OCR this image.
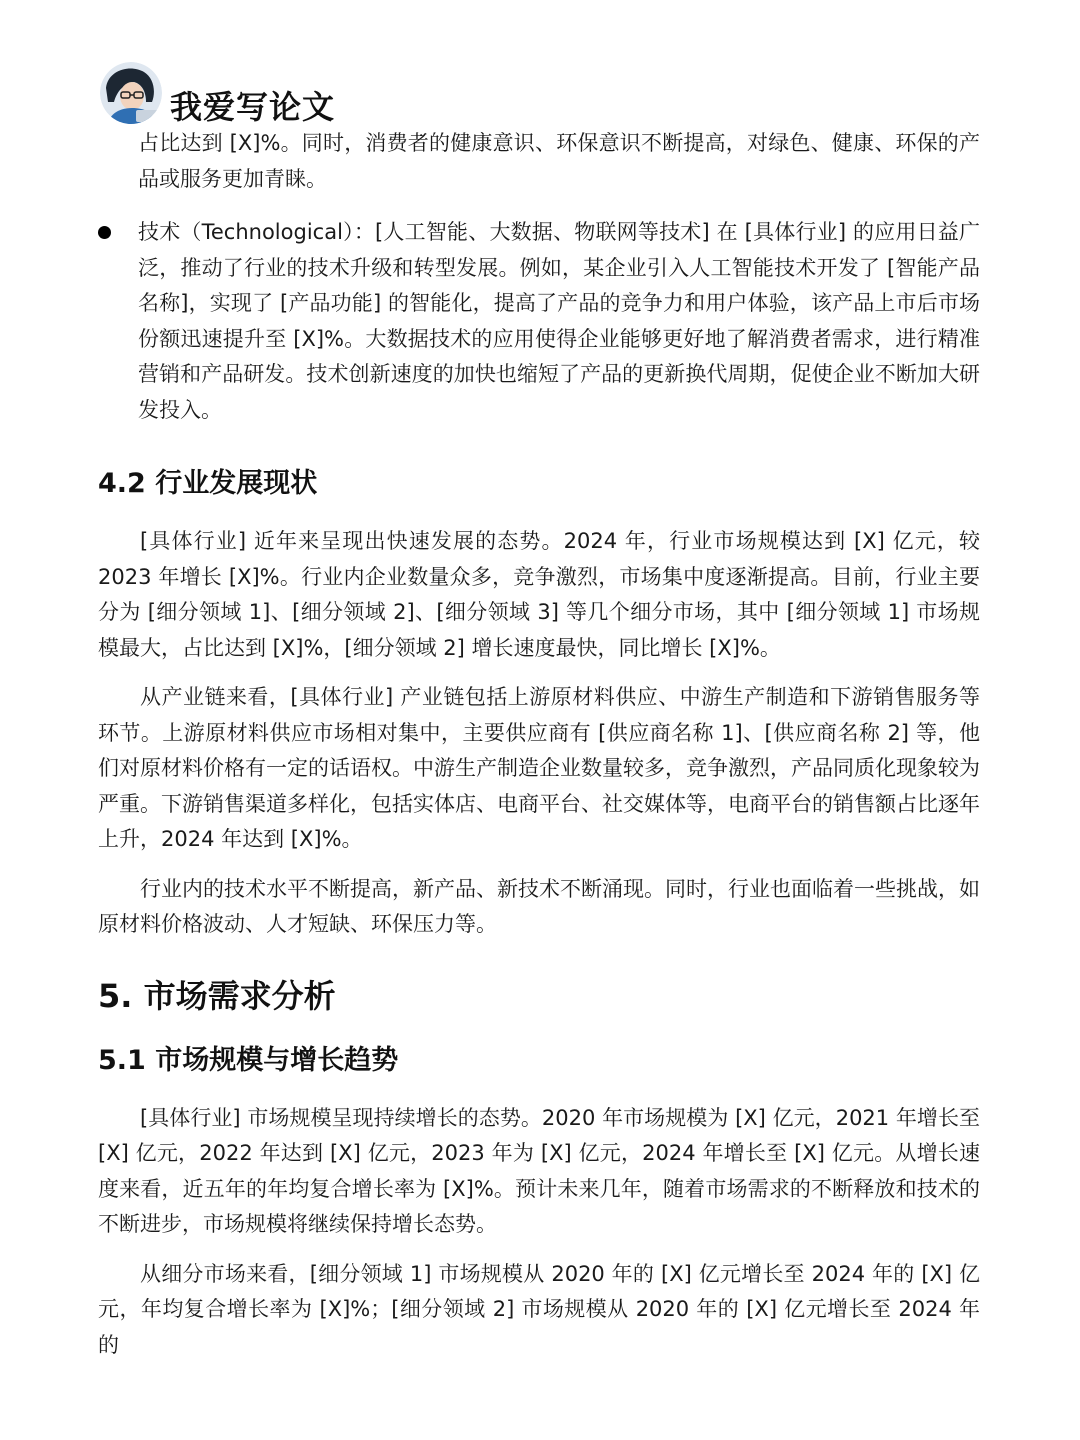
我爱写论文

占比达到 [X]%。同时，消费者的健康意识、环保意识不断提高，对绿色、健康、环保的产品或服务更加青睐。

技术（Technological）：[人工智能、大数据、物联网等技术] 在 [具体行业] 的应用日益广泛，推动了行业的技术升级和转型发展。例如，某企业引入人工智能技术开发了 [智能产品名称]，实现了 [产品功能] 的智能化，提高了产品的竞争力和用户体验，该产品上市后市场份额迅速提升至 [X]%。大数据技术的应用使得企业能够更好地了解消费者需求，进行精准营销和产品研发。技术创新速度的加快也缩短了产品的更新换代周期，促使企业不断加大研发投入。

4.2 行业发展现状

[具体行业] 近年来呈现出快速发展的态势。2024 年，行业市场规模达到 [X] 亿元，较 2023 年增长 [X]%。行业内企业数量众多，竞争激烈，市场集中度逐渐提高。目前，行业主要分为 [细分领域 1]、[细分领域 2]、[细分领域 3] 等几个细分市场，其中 [细分领域 1] 市场规模最大，占比达到 [X]%，[细分领域 2] 增长速度最快，同比增长 [X]%。

从产业链来看，[具体行业] 产业链包括上游原材料供应、中游生产制造和下游销售服务等环节。上游原材料供应市场相对集中，主要供应商有 [供应商名称 1]、[供应商名称 2] 等，他们对原材料价格有一定的话语权。中游生产制造企业数量较多，竞争激烈，产品同质化现象较为严重。下游销售渠道多样化，包括实体店、电商平台、社交媒体等，电商平台的销售额占比逐年上升，2024 年达到 [X]%。

行业内的技术水平不断提高，新产品、新技术不断涌现。同时，行业也面临着一些挑战，如原材料价格波动、人才短缺、环保压力等。

5. 市场需求分析
5.1 市场规模与增长趋势

[具体行业] 市场规模呈现持续增长的态势。2020 年市场规模为 [X] 亿元，2021 年增长至 [X] 亿元，2022 年达到 [X] 亿元，2023 年为 [X] 亿元，2024 年增长至 [X] 亿元。从增长速度来看，近五年的年均复合增长率为 [X]%。预计未来几年，随着市场需求的不断释放和技术的不断进步，市场规模将继续保持增长态势。

从细分市场来看，[细分领域 1] 市场规模从 2020 年的 [X] 亿元增长至 2024 年的 [X] 亿元，年均复合增长率为 [X]%；[细分领域 2] 市场规模从 2020 年的 [X] 亿元增长至 2024 年的
